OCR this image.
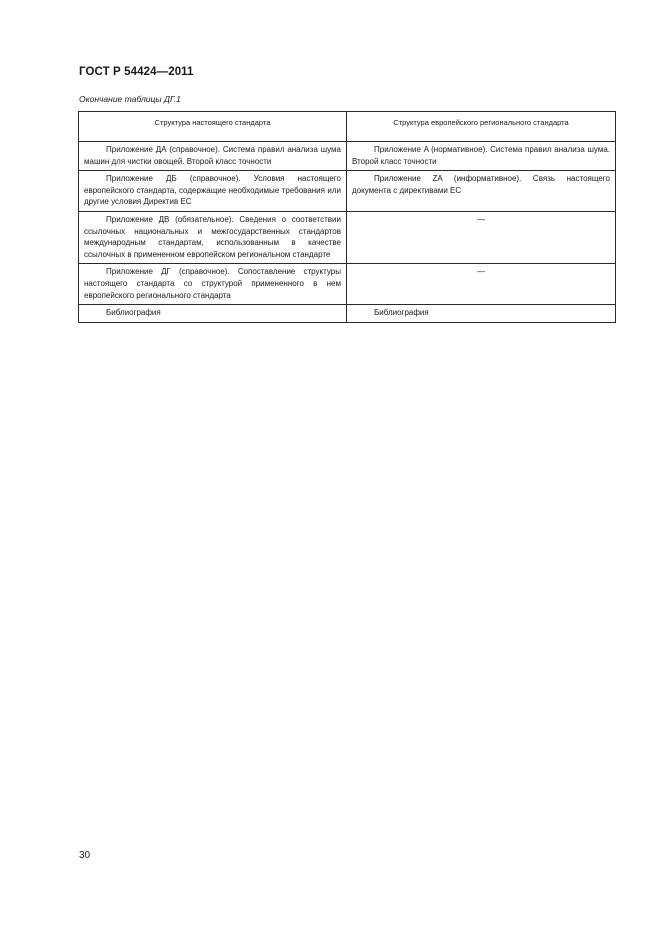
ГОСТ Р 54424—2011
Окончание таблицы ДГ.1
Структура настоящего стандарта	Структура европейского регионального стандарта

Приложение ДА (справочное). Система правил анализа шума машин для чистки овощей. Второй класс точности	Приложение A (нормативное). Система правил анализа шума. Второй класс точности

Приложение ДБ (справочное). Условия настоящего европейского стандарта, содержащие необходимые требования или другие условия Директив ЕС	Приложение ZA (информативное). Связь настоящего документа с директивами ЕС

Приложение ДВ (обязательное). Сведения о соответствии ссылочных национальных и межгосударственных стандартов международным стандартам, использованным в качестве ссылочных в примененном европейском региональном стандарте	—

Приложение ДГ (справочное). Сопоставление структуры настоящего стандарта со структурой примененного в нем европейского регионального стандарта	—

Библиография	Библиография
30
